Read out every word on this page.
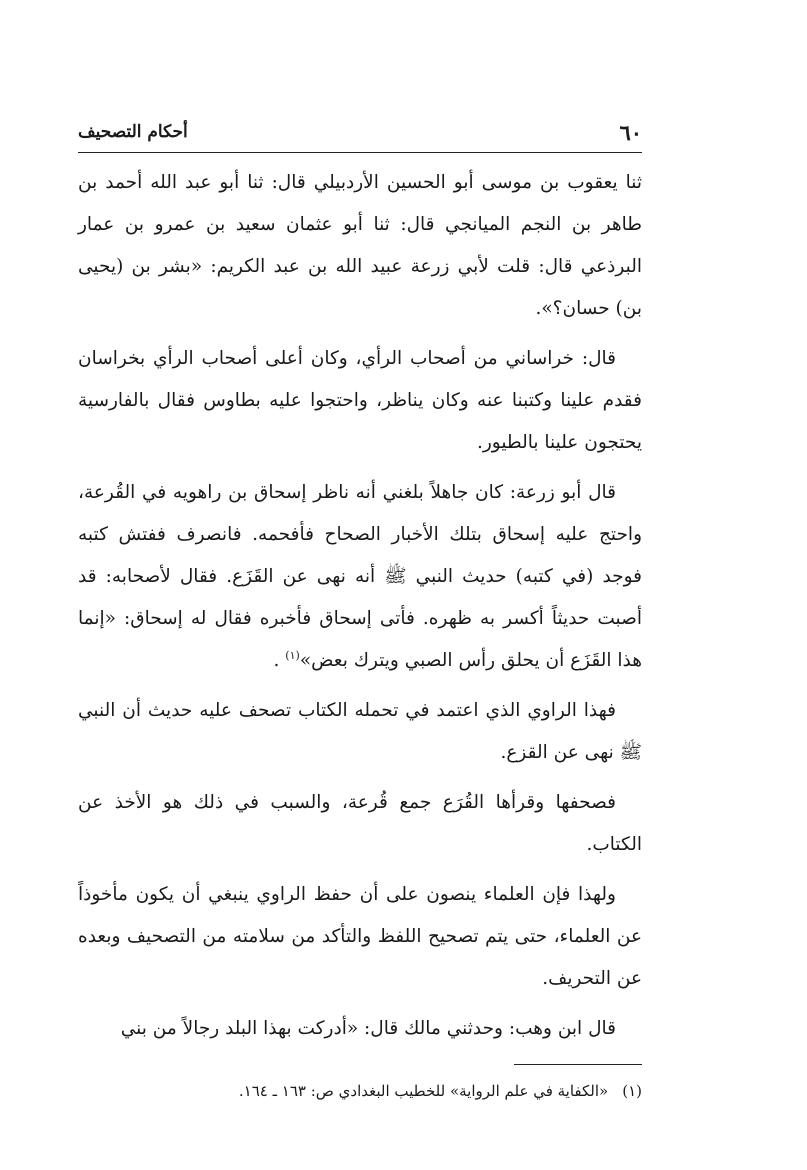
٦٠
أحكام التصحيف

ثنا يعقوب بن موسى أبو الحسين الأردبيلي قال: ثنا أبو عبد الله أحمد بن طاهر بن النجم الميانجي قال: ثنا أبو عثمان سعيد بن عمرو بن عمار البرذعي قال: قلت لأبي زرعة عبيد الله بن عبد الكريم: «بشر بن (يحيى بن) حسان؟».

قال: خراساني من أصحاب الرأي، وكان أعلى أصحاب الرأي بخراسان فقدم علينا وكتبنا عنه وكان يناظر، واحتجوا عليه بطاوس فقال بالفارسية يحتجون علينا بالطيور.

قال أبو زرعة: كان جاهلاً بلغني أنه ناظر إسحاق بن راهويه في القُرعة، واحتج عليه إسحاق بتلك الأخبار الصحاح فأفحمه. فانصرف ففتش كتبه فوجد (في كتبه) حديث النبي ﷺ أنه نهى عن القَزَع. فقال لأصحابه: قد أصبت حديثاً أكسر به ظهره. فأتى إسحاق فأخبره فقال له إسحاق: «إنما هذا القَزَع أن يحلق رأس الصبي ويترك بعض»$^{(١)}$ .

فهذا الراوي الذي اعتمد في تحمله الكتاب تصحف عليه حديث أن النبي ﷺ نهى عن القزع.

فصحفها وقرأها القُرَع جمع قُرعة، والسبب في ذلك هو الأخذ عن الكتاب.

ولهذا فإن العلماء ينصون على أن حفظ الراوي ينبغي أن يكون مأخوذاً عن العلماء، حتى يتم تصحيح اللفظ والتأكد من سلامته من التصحيف وبعده عن التحريف.

قال ابن وهب: وحدثني مالك قال: «أدركت بهذا البلد رجالاً من بني

(١)«الكفاية في علم الرواية» للخطيب البغدادي ص: ١٦٣ ـ ١٦٤.
